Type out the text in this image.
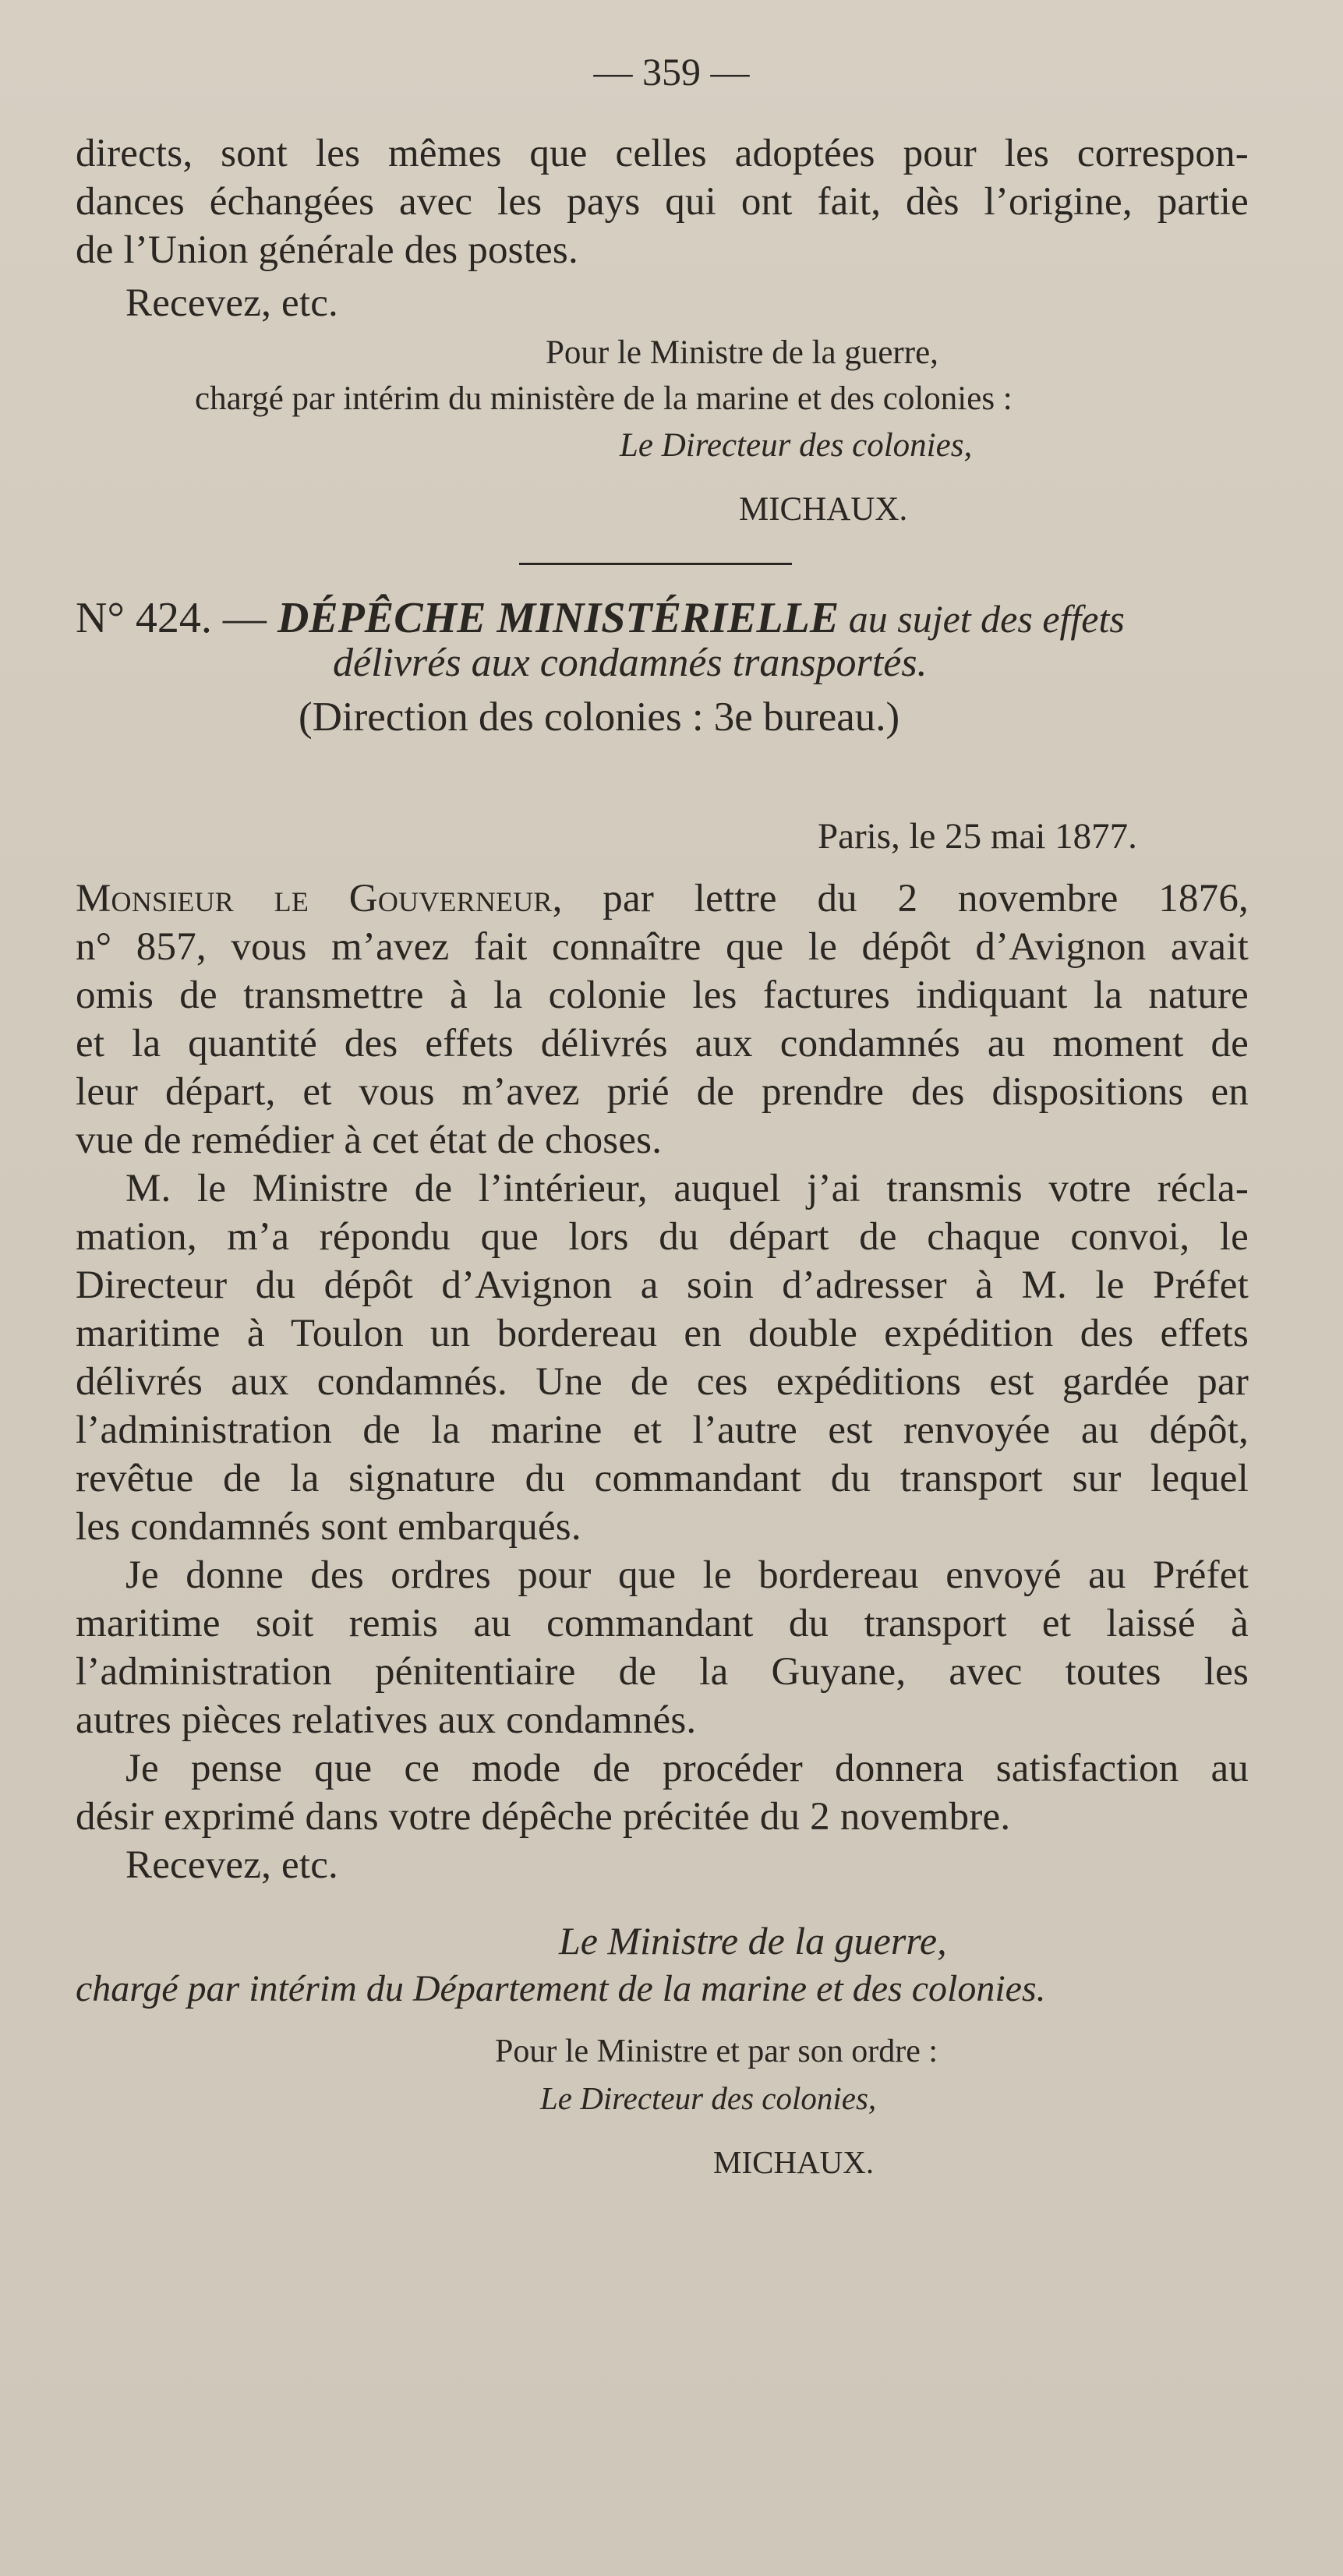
— 359 —
directs, sont les mêmes que celles adoptées pour les correspon-
dances échangées avec les pays qui ont fait, dès l’origine, partie
de l’Union générale des postes.
Recevez, etc.
Pour le Ministre de la guerre,
chargé par intérim du ministère de la marine et des colonies :
Le Directeur des colonies,
MICHAUX.
N° 424. — DÉPÊCHE MINISTÉRIELLE au sujet des effets
délivrés aux condamnés transportés.
(Direction des colonies : 3e bureau.)
Paris, le 25 mai 1877.
Monsieur le Gouverneur, par lettre du 2 novembre 1876,
n° 857, vous m’avez fait connaître que le dépôt d’Avignon avait
omis de transmettre à la colonie les factures indiquant la nature
et la quantité des effets délivrés aux condamnés au moment de
leur départ, et vous m’avez prié de prendre des dispositions en
vue de remédier à cet état de choses.
M. le Ministre de l’intérieur, auquel j’ai transmis votre récla-
mation, m’a répondu que lors du départ de chaque convoi, le
Directeur du dépôt d’Avignon a soin d’adresser à M. le Préfet
maritime à Toulon un bordereau en double expédition des effets
délivrés aux condamnés. Une de ces expéditions est gardée par
l’administration de la marine et l’autre est renvoyée au dépôt,
revêtue de la signature du commandant du transport sur lequel
les condamnés sont embarqués.
Je donne des ordres pour que le bordereau envoyé au Préfet
maritime soit remis au commandant du transport et laissé à
l’administration pénitentiaire de la Guyane, avec toutes les
autres pièces relatives aux condamnés.
Je pense que ce mode de procéder donnera satisfaction au
désir exprimé dans votre dépêche précitée du 2 novembre.
Recevez, etc.
Le Ministre de la guerre,
chargé par intérim du Département de la marine et des colonies.
Pour le Ministre et par son ordre :
Le Directeur des colonies,
MICHAUX.
